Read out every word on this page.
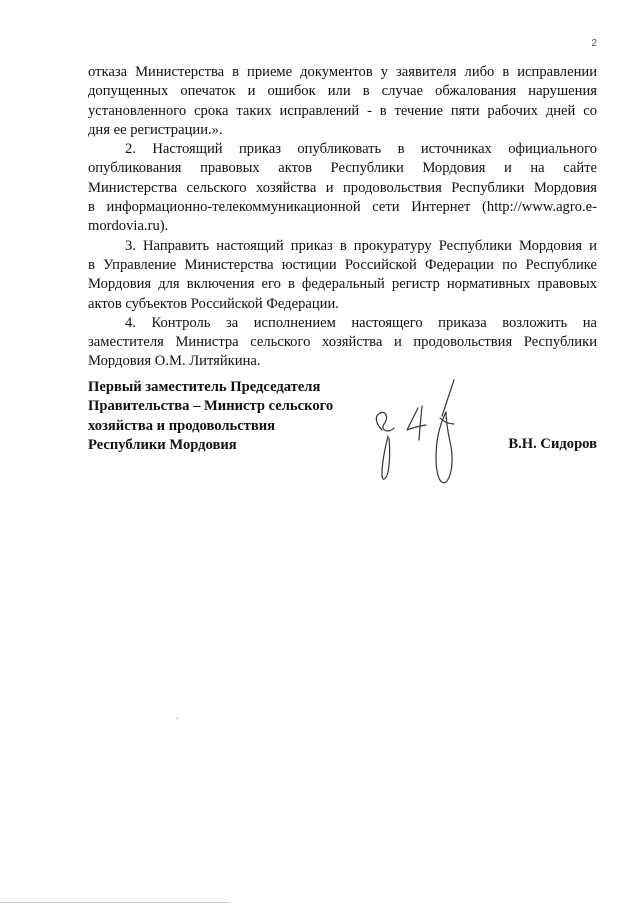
2
отказа Министерства в приеме документов у заявителя либо в исправлении
допущенных опечаток и ошибок или в случае обжалования нарушения
установленного срока таких исправлений - в течение пяти рабочих дней со
дня ее регистрации.».
2. Настоящий приказ опубликовать в источниках официального
опубликования правовых актов Республики Мордовия и на сайте
Министерства сельского хозяйства и продовольствия Республики Мордовия
в информационно-телекоммуникационной сети Интернет (http://www.agro.e-
mordovia.ru).
3. Направить настоящий приказ в прокуратуру Республики Мордовия и
в Управление Министерства юстиции Российской Федерации по Республике
Мордовия для включения его в федеральный регистр нормативных правовых
актов субъектов Российской Федерации.
4. Контроль за исполнением настоящего приказа возложить на
заместителя Министра сельского хозяйства и продовольствия Республики
Мордовия О.М. Литяйкина.
Первый заместитель Председателя
Правительства – Министр сельского
хозяйства и продовольствия
Республики Мордовия	В.Н. Сидоров
